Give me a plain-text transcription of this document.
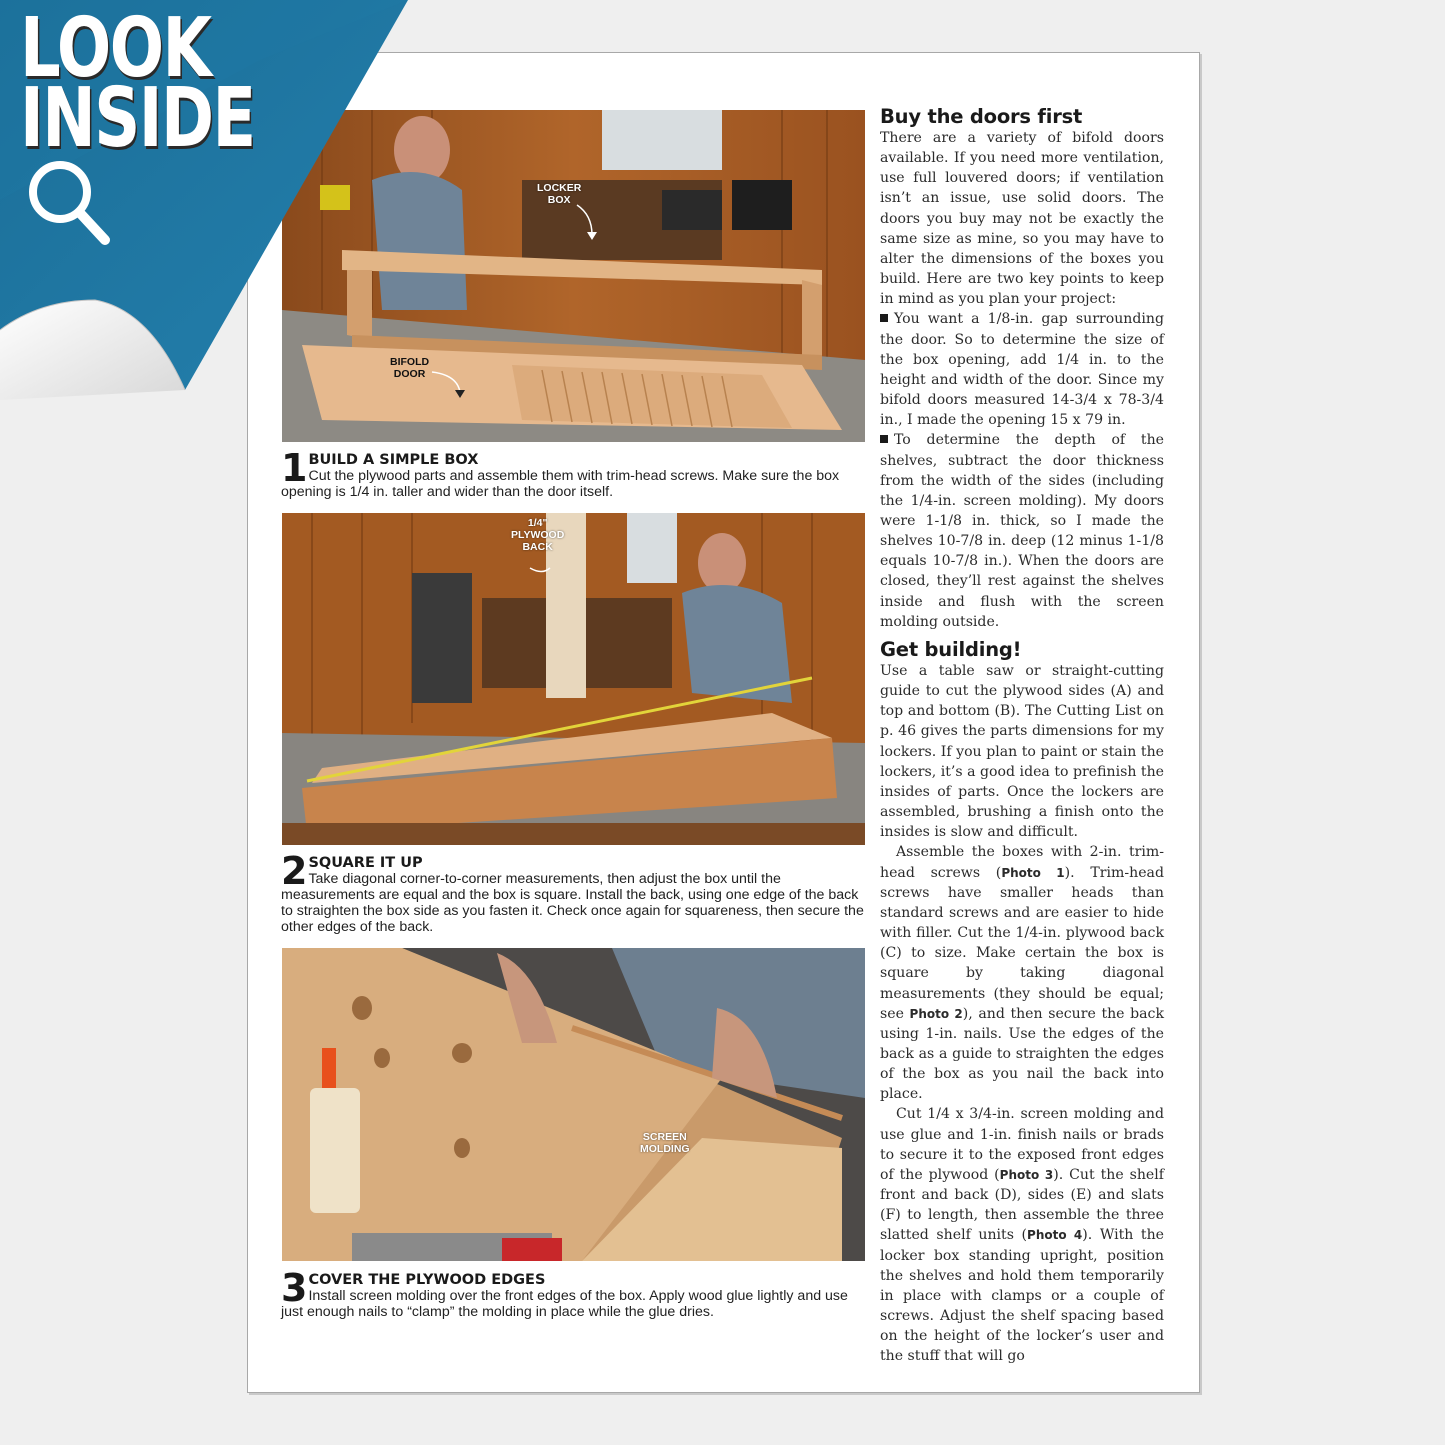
LOCKER
BOX
BIFOLD
DOOR
1 BUILD A SIMPLE BOX
Cut the plywood parts and assemble them with trim-head screws. Make sure the box opening is 1/4 in. taller and wider than the door itself.
1/4"
PLYWOOD
BACK
2 SQUARE IT UP
Take diagonal corner-to-corner measurements, then adjust the box until the measurements are equal and the box is square. Install the back, using one edge of the back to straighten the box side as you fasten it. Check once again for squareness, then secure the other edges of the back.
SCREEN
MOLDING
3 COVER THE PLYWOOD EDGES
Install screen molding over the front edges of the box. Apply wood glue lightly and use just enough nails to “clamp” the molding in place while the glue dries.
Buy the doors first

There are a variety of bifold doors available. If you need more ventilation, use full louvered doors; if ventilation isn’t an issue, use solid doors. The doors you buy may not be exactly the same size as mine, so you may have to alter the dimensions of the boxes you build. Here are two key points to keep in mind as you plan your project:

You want a 1/8-in. gap surrounding the door. So to determine the size of the box opening, add 1/4 in. to the height and width of the door. Since my bifold doors measured 14-3/4 x 78-3/4 in., I made the opening 15 x 79 in.

To determine the depth of the shelves, subtract the door thickness from the width of the sides (including the 1/4-in. screen molding). My doors were 1-1/8 in. thick, so I made the shelves 10-7/8 in. deep (12 minus 1-1/8 equals 10-7/8 in.). When the doors are closed, they’ll rest against the shelves inside and flush with the screen molding outside.

Get building!

Use a table saw or straight-cutting guide to cut the plywood sides (A) and top and bottom (B). The Cutting List on p. 46 gives the parts dimensions for my lockers. If you plan to paint or stain the lockers, it’s a good idea to prefinish the insides of parts. Once the lockers are assembled, brushing a finish onto the insides is slow and difficult.

Assemble the boxes with 2-in. trim-head screws (Photo 1). Trim-head screws have smaller heads than standard screws and are easier to hide with filler. Cut the 1/4-in. plywood back (C) to size. Make certain the box is square by taking diagonal measurements (they should be equal; see Photo 2), and then secure the back using 1-in. nails. Use the edges of the back as a guide to straighten the edges of the box as you nail the back into place.

Cut 1/4 x 3/4-in. screen molding and use glue and 1-in. finish nails or brads to secure it to the exposed front edges of the plywood (Photo 3). Cut the shelf front and back (D), sides (E) and slats (F) to length, then assemble the three slatted shelf units (Photo 4). With the locker box standing upright, position the shelves and hold them temporarily in place with clamps or a couple of screws. Adjust the shelf spacing based on the height of the locker’s user and the stuff that will go

LOOK
INSIDE
